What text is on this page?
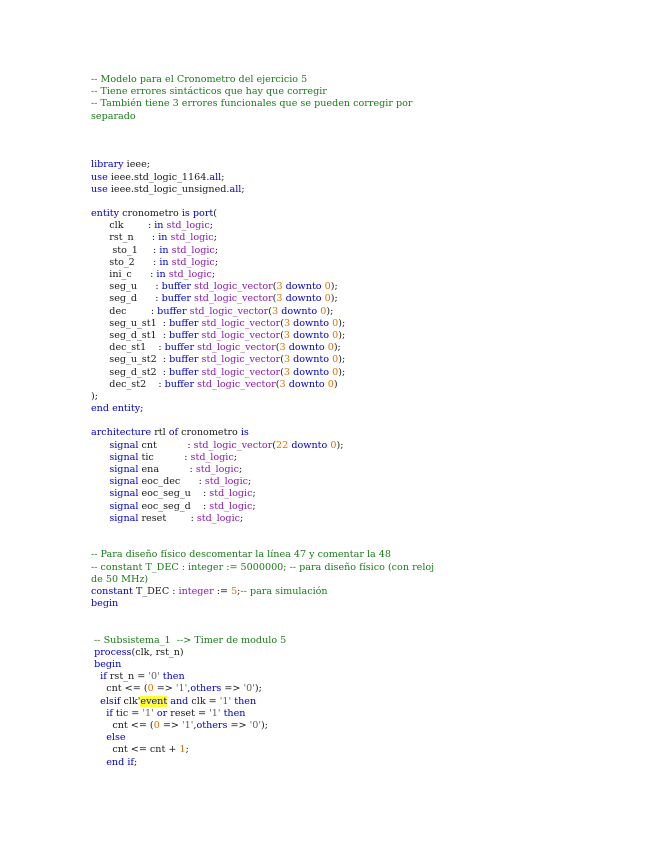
-- Modelo para el Cronometro del ejercicio 5
-- Tiene errores sintácticos que hay que corregir
-- También tiene 3 errores funcionales que se pueden corregir por
separado

library ieee;
use ieee.std_logic_1164.all;
use ieee.std_logic_unsigned.all;

entity cronometro is port(
clk        : in std_logic;
rst_n      : in std_logic;
sto_1     : in std_logic;
sto_2      : in std_logic;
ini_c      : in std_logic;
seg_u      : buffer std_logic_vector(3 downto 0);
seg_d      : buffer std_logic_vector(3 downto 0);
dec        : buffer std_logic_vector(3 downto 0);
seg_u_st1  : buffer std_logic_vector(3 downto 0);
seg_d_st1  : buffer std_logic_vector(3 downto 0);
dec_st1    : buffer std_logic_vector(3 downto 0);
seg_u_st2  : buffer std_logic_vector(3 downto 0);
seg_d_st2  : buffer std_logic_vector(3 downto 0);
dec_st2    : buffer std_logic_vector(3 downto 0)
);
end entity;

architecture rtl of cronometro is
signal cnt          : std_logic_vector(22 downto 0);
signal tic          : std_logic;
signal ena          : std_logic;
signal eoc_dec      : std_logic;
signal eoc_seg_u    : std_logic;
signal eoc_seg_d    : std_logic;
signal reset        : std_logic;

-- Para diseño físico descomentar la línea 47 y comentar la 48
-- constant T_DEC : integer := 5000000; -- para diseño físico (con reloj
de 50 MHz)
constant T_DEC : integer := 5;-- para simulación
begin

-- Subsistema_1  --> Timer de modulo 5
process(clk, rst_n)
begin
if rst_n = '0' then
cnt <= (0 => '1',others => '0');
elsif clk'event and clk = '1' then
if tic = '1' or reset = '1' then
cnt <= (0 => '1',others => '0');
else
cnt <= cnt + 1;
end if;
